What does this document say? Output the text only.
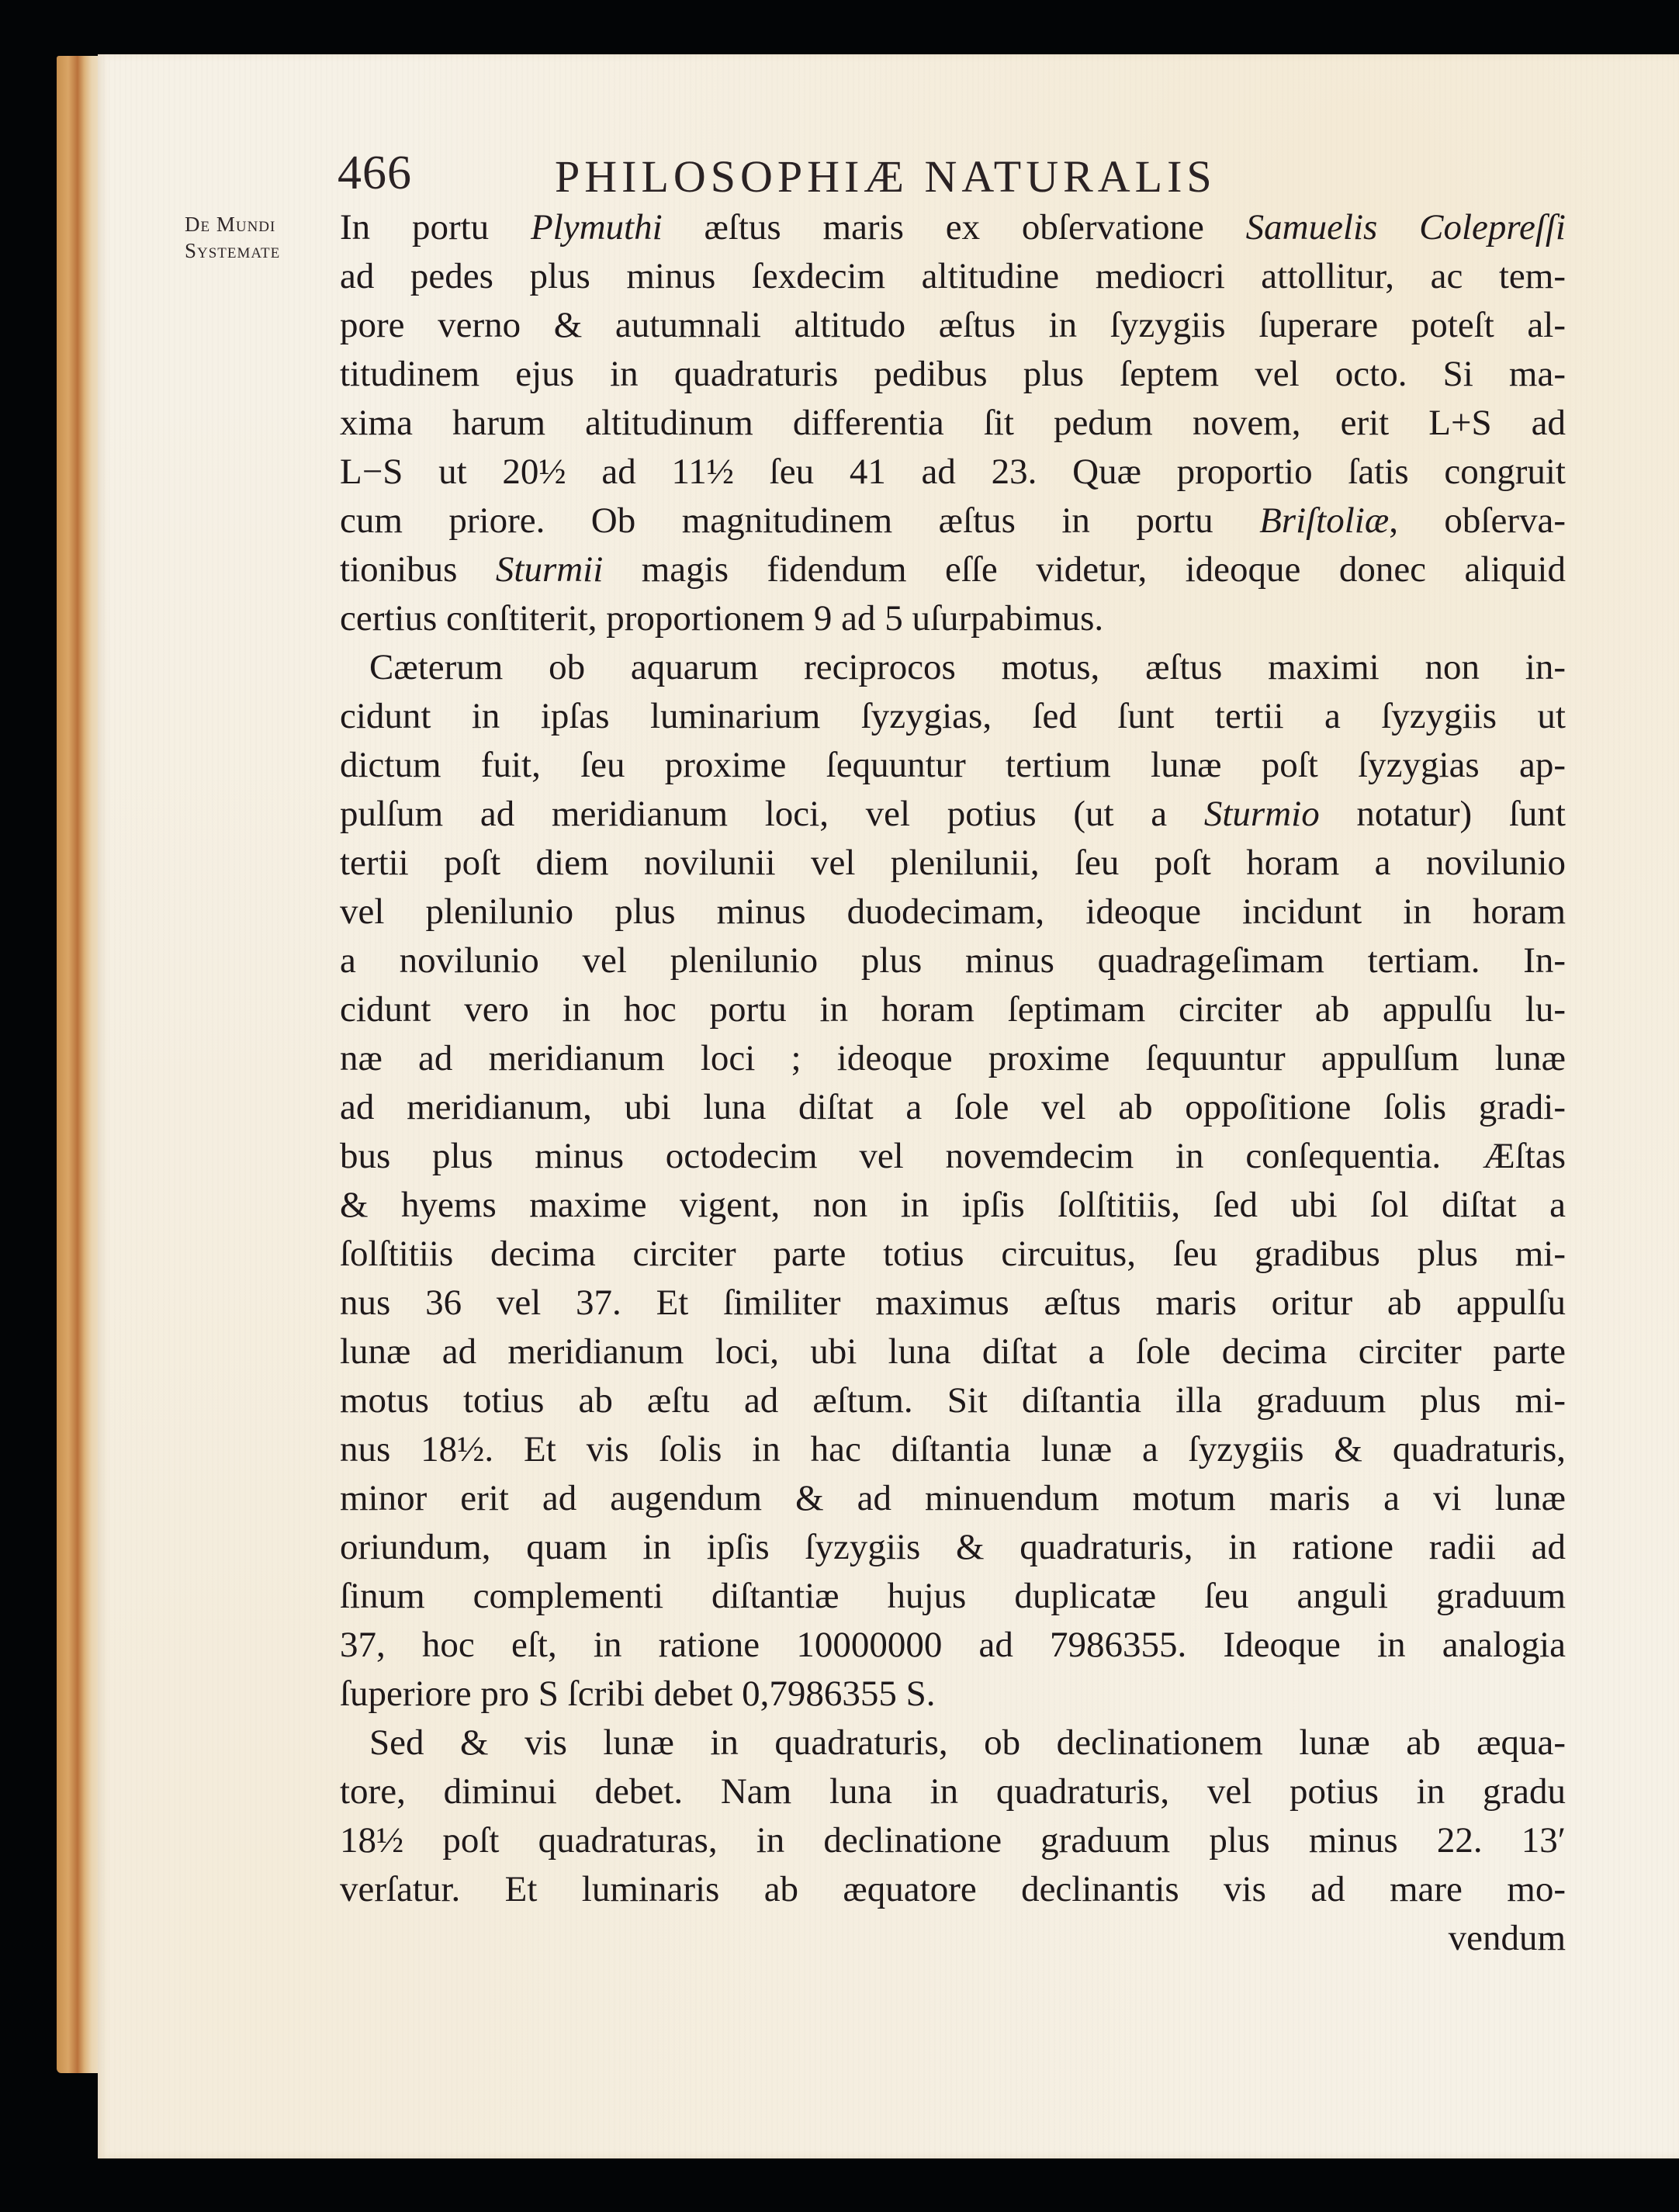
466	PHILOSOPHIÆ NATURALIS
De Mundi
Systemate
In portu Plymuthi æſtus maris ex obſervatione Samuelis Colepreſſi
ad pedes plus minus ſexdecim altitudine mediocri attollitur, ac tem-
pore verno & autumnali altitudo æſtus in ſyzygiis ſuperare poteſt al-
titudinem ejus in quadraturis pedibus plus ſeptem vel octo. Si ma-
xima harum altitudinum differentia ſit pedum novem, erit L+S ad
L−S ut 20½ ad 11½ ſeu 41 ad 23. Quæ proportio ſatis congruit
cum priore. Ob magnitudinem æſtus in portu Briſtoliæ, obſerva-
tionibus Sturmii magis fidendum eſſe videtur, ideoque donec aliquid
certius conſtiterit, proportionem 9 ad 5 uſurpabimus.
Cæterum ob aquarum reciprocos motus, æſtus maximi non in-
cidunt in ipſas luminarium ſyzygias, ſed ſunt tertii a ſyzygiis ut
dictum fuit, ſeu proxime ſequuntur tertium lunæ poſt ſyzygias ap-
pulſum ad meridianum loci, vel potius (ut a Sturmio notatur) ſunt
tertii poſt diem novilunii vel plenilunii, ſeu poſt horam a novilunio
vel plenilunio plus minus duodecimam, ideoque incidunt in horam
a novilunio vel plenilunio plus minus quadrageſimam tertiam. In-
cidunt vero in hoc portu in horam ſeptimam circiter ab appulſu lu-
næ ad meridianum loci ; ideoque proxime ſequuntur appulſum lunæ
ad meridianum, ubi luna diſtat a ſole vel ab oppoſitione ſolis gradi-
bus plus minus octodecim vel novemdecim in conſequentia. Æſtas
& hyems maxime vigent, non in ipſis ſolſtitiis, ſed ubi ſol diſtat a
ſolſtitiis decima circiter parte totius circuitus, ſeu gradibus plus mi-
nus 36 vel 37. Et ſimiliter maximus æſtus maris oritur ab appulſu
lunæ ad meridianum loci, ubi luna diſtat a ſole decima circiter parte
motus totius ab æſtu ad æſtum. Sit diſtantia illa graduum plus mi-
nus 18½. Et vis ſolis in hac diſtantia lunæ a ſyzygiis & quadraturis,
minor erit ad augendum & ad minuendum motum maris a vi lunæ
oriundum, quam in ipſis ſyzygiis & quadraturis, in ratione radii ad
ſinum complementi diſtantiæ hujus duplicatæ ſeu anguli graduum
37, hoc eſt, in ratione 10000000 ad 7986355. Ideoque in analogia
ſuperiore pro S ſcribi debet 0,7986355 S.
Sed & vis lunæ in quadraturis, ob declinationem lunæ ab æqua-
tore, diminui debet. Nam luna in quadraturis, vel potius in gradu
18½ poſt quadraturas, in declinatione graduum plus minus 22. 13′
verſatur. Et luminaris ab æquatore declinantis vis ad mare mo-
vendum
